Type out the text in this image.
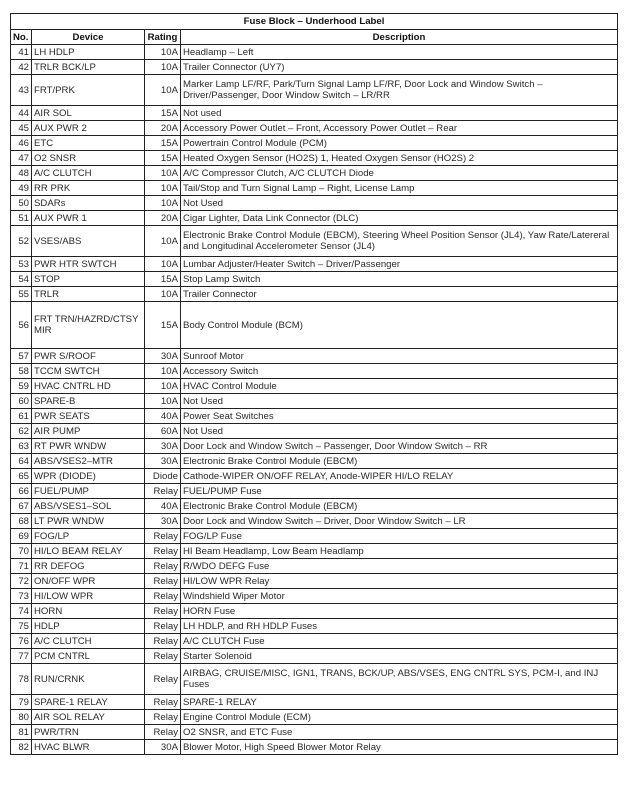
Fuse Block – Underhood Label			
No.	Device	Rating	Description
41	LH HDLP	10A	Headlamp – Left
42	TRLR BCK/LP	10A	Trailer Connector (UY7)
43	FRT/PRK	10A	Marker Lamp LF/RF, Park/Turn Signal Lamp LF/RF, Door Lock and Window Switch – Driver/Passenger, Door Window Switch – LR/RR
44	AIR SOL	15A	Not used
45	AUX PWR 2	20A	Accessory Power Outlet – Front, Accessory Power Outlet – Rear
46	ETC	15A	Powertrain Control Module (PCM)
47	O2 SNSR	15A	Heated Oxygen Sensor (HO2S) 1, Heated Oxygen Sensor (HO2S) 2
48	A/C CLUTCH	10A	A/C Compressor Clutch, A/C CLUTCH Diode
49	RR PRK	10A	Tail/Stop and Turn Signal Lamp – Right, License Lamp
50	SDARs	10A	Not Used
51	AUX PWR 1	20A	Cigar Lighter, Data Link Connector (DLC)
52	VSES/ABS	10A	Electronic Brake Control Module (EBCM), Steering Wheel Position Sensor (JL4), Yaw Rate/Latereral and Longitudinal Accelerometer Sensor (JL4)
53	PWR HTR SWTCH	10A	Lumbar Adjuster/Heater Switch – Driver/Passenger
54	STOP	15A	Stop Lamp Switch
55	TRLR	10A	Trailer Connector
56	FRT TRN/HAZRD/CTSY MIR	15A	Body Control Module (BCM)
57	PWR S/ROOF	30A	Sunroof Motor
58	TCCM SWTCH	10A	Accessory Switch
59	HVAC CNTRL HD	10A	HVAC Control Module
60	SPARE-B	10A	Not Used
61	PWR SEATS	40A	Power Seat Switches
62	AIR PUMP	60A	Not Used
63	RT PWR WNDW	30A	Door Lock and Window Switch – Passenger, Door Window Switch – RR
64	ABS/VSES2–MTR	30A	Electronic Brake Control Module (EBCM)
65	WPR (DIODE)	Diode	Cathode-WIPER ON/OFF RELAY, Anode-WIPER HI/LO RELAY
66	FUEL/PUMP	Relay	FUEL/PUMP Fuse
67	ABS/VSES1–SOL	40A	Electronic Brake Control Module (EBCM)
68	LT PWR WNDW	30A	Door Lock and Window Switch – Driver, Door Window Switch – LR
69	FOG/LP	Relay	FOG/LP Fuse
70	HI/LO BEAM RELAY	Relay	HI Beam Headlamp, Low Beam Headlamp
71	RR DEFOG	Relay	R/WDO DEFG Fuse
72	ON/OFF WPR	Relay	HI/LOW WPR Relay
73	HI/LOW WPR	Relay	Windshield Wiper Motor
74	HORN	Relay	HORN Fuse
75	HDLP	Relay	LH HDLP, and RH HDLP Fuses
76	A/C CLUTCH	Relay	A/C CLUTCH Fuse
77	PCM CNTRL	Relay	Starter Solenoid
78	RUN/CRNK	Relay	AIRBAG, CRUISE/MISC, IGN1, TRANS, BCK/UP, ABS/VSES, ENG CNTRL SYS, PCM-I, and INJ Fuses
79	SPARE-1 RELAY	Relay	SPARE-1 RELAY
80	AIR SOL RELAY	Relay	Engine Control Module (ECM)
81	PWR/TRN	Relay	O2 SNSR, and ETC Fuse
82	HVAC BLWR	30A	Blower Motor, High Speed Blower Motor Relay
